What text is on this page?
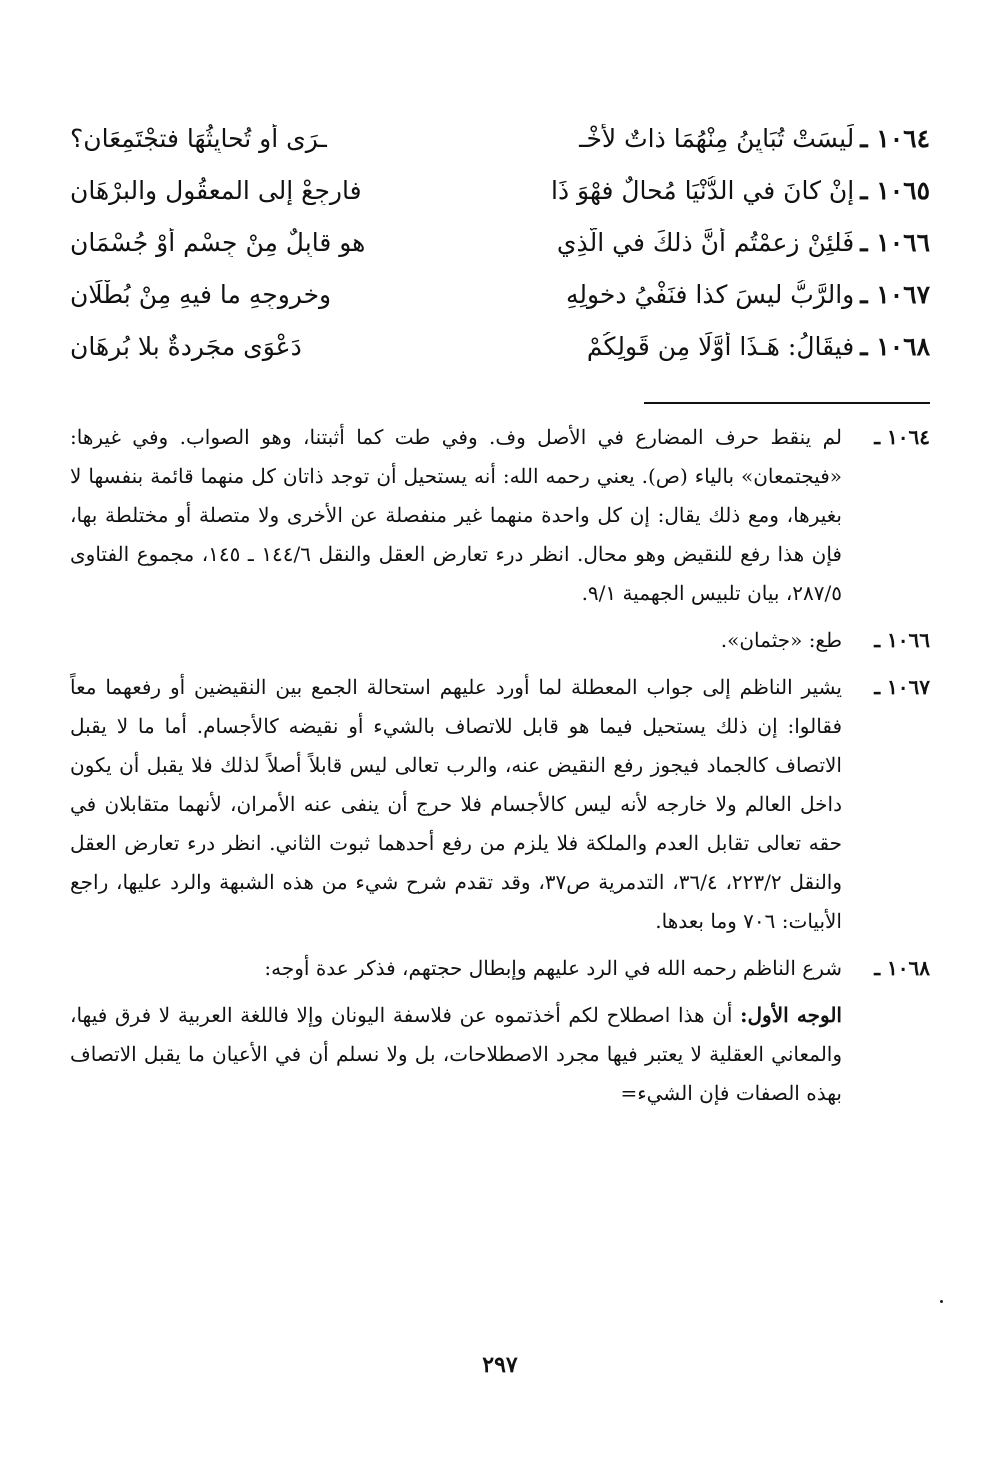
١٠٦٤ ـ
لَيسَتْ تُبَايِنُ مِنْهُمَا ذاتٌ لأخْـ
ـرَى أو تُحايِثُهَا فتجْتَمِعَانِ؟
١٠٦٥ ـ
إنْ كانَ في الدُّنْيَا مُحالٌ فهْوَ ذَا
فارجِعْ إلى المعقُولِ والبرْهَانِ
١٠٦٦ ـ
فَلئِنْ زعمْتُم أنَّ ذلكَ في الَّذِي
هو قابِلٌ مِنْ جِسْمٍ أوْ جُسْمَانِ
١٠٦٧ ـ
والرَّبُّ ليسَ كذا فنَفْيُ دخولِهِ
وخروجِهِ ما فيهِ مِنْ بُطْلَانِ
١٠٦٨ ـ
فيقَالُ: هَـذَا أوَّلًا مِن قَولِكُمْ
دَعْوَى مجَردةٌ بلا بُرهَانِ
١٠٦٤ ـ
لم ينقط حرف المضارع في الأصل وف. وفي طت كما أثبتنا، وهو الصواب. وفي غيرها: «فيجتمعان» بالياء (ص). يعني رحمه الله: أنه يستحيل أن توجد ذاتان كل منهما قائمة بنفسها لا بغيرها، ومع ذلك يقال: إن كل واحدة منهما غير منفصلة عن الأخرى ولا متصلة أو مختلطة بها، فإن هذا رفع للنقيض وهو محال. انظر درء تعارض العقل والنقل ١٤٤/٦ ـ ١٤٥، مجموع الفتاوى ٢٨٧/٥، بيان تلبيس الجهمية ٩/١.
١٠٦٦ ـ
طع: «جثمان».
١٠٦٧ ـ
يشير الناظم إلى جواب المعطلة لما أورد عليهم استحالة الجمع بين النقيضين أو رفعهما معاً فقالوا: إن ذلك يستحيل فيما هو قابل للاتصاف بالشيء أو نقيضه كالأجسام. أما ما لا يقبل الاتصاف كالجماد فيجوز رفع النقيض عنه، والرب تعالى ليس قابلاً أصلاً لذلك فلا يقبل أن يكون داخل العالم ولا خارجه لأنه ليس كالأجسام فلا حرج أن ينفى عنه الأمران، لأنهما متقابلان في حقه تعالى تقابل العدم والملكة فلا يلزم من رفع أحدهما ثبوت الثاني. انظر درء تعارض العقل والنقل ٢٢٣/٢، ٣٦/٤، التدمرية ص٣٧، وقد تقدم شرح شيء من هذه الشبهة والرد عليها، راجع الأبيات: ٧٠٦ وما بعدها.
١٠٦٨ ـ
شرع الناظم رحمه الله في الرد عليهم وإبطال حجتهم، فذكر عدة أوجه:
الوجه الأول: أن هذا اصطلاح لكم أخذتموه عن فلاسفة اليونان وإلا فاللغة العربية لا فرق فيها، والمعاني العقلية لا يعتبر فيها مجرد الاصطلاحات، بل ولا نسلم أن في الأعيان ما يقبل الاتصاف بهذه الصفات فإن الشيء=
٢٩٧
